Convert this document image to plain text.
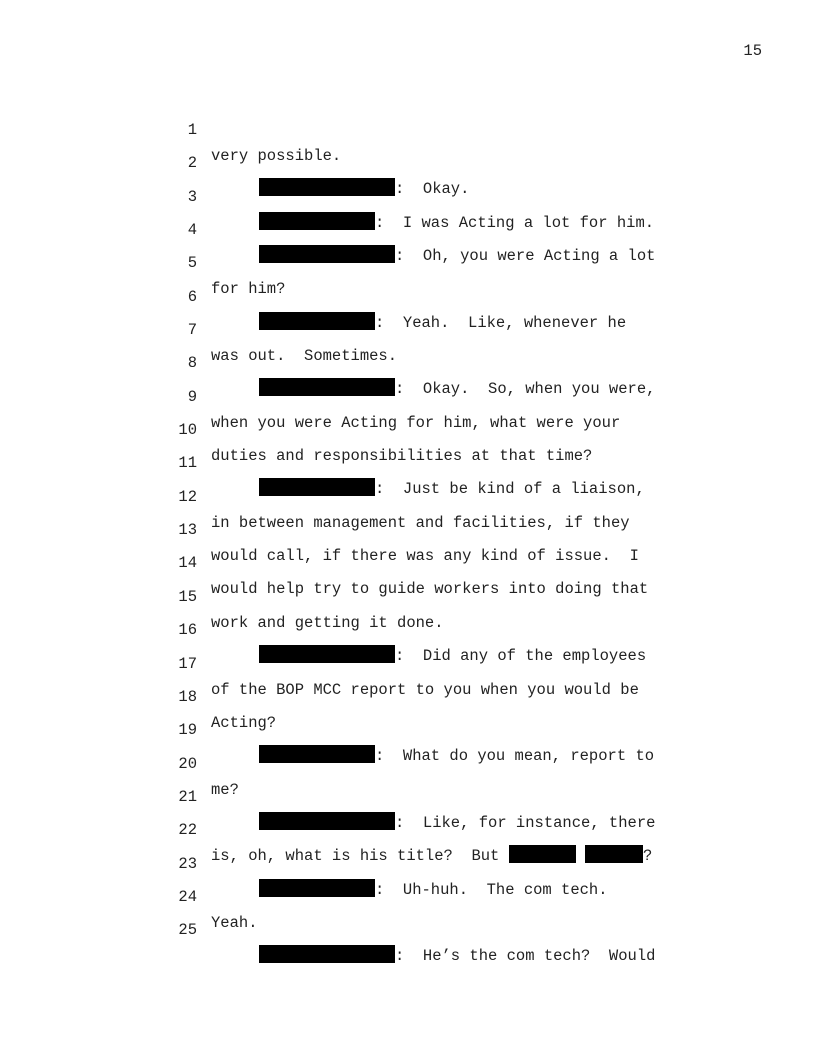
15

1

very possible.

2

:  Okay.

3

:  I was Acting a lot for him.

4

:  Oh, you were Acting a lot

5

for him?

6

:  Yeah.  Like, whenever he

7

was out.  Sometimes.

8

:  Okay.  So, when you were,

9

when you were Acting for him, what were your

10

duties and responsibilities at that time?

11

:  Just be kind of a liaison,

12

in between management and facilities, if they

13

would call, if there was any kind of issue.  I

14

would help try to guide workers into doing that

15

work and getting it done.

16

:  Did any of the employees

17

of the BOP MCC report to you when you would be

18

Acting?

19

:  What do you mean, report to

20

me?

21

:  Like, for instance, there

22

is, oh, what is his title?  But	?

23

:  Uh-huh.  The com tech.

24

Yeah.

25

:  He’s the com tech?  Would
